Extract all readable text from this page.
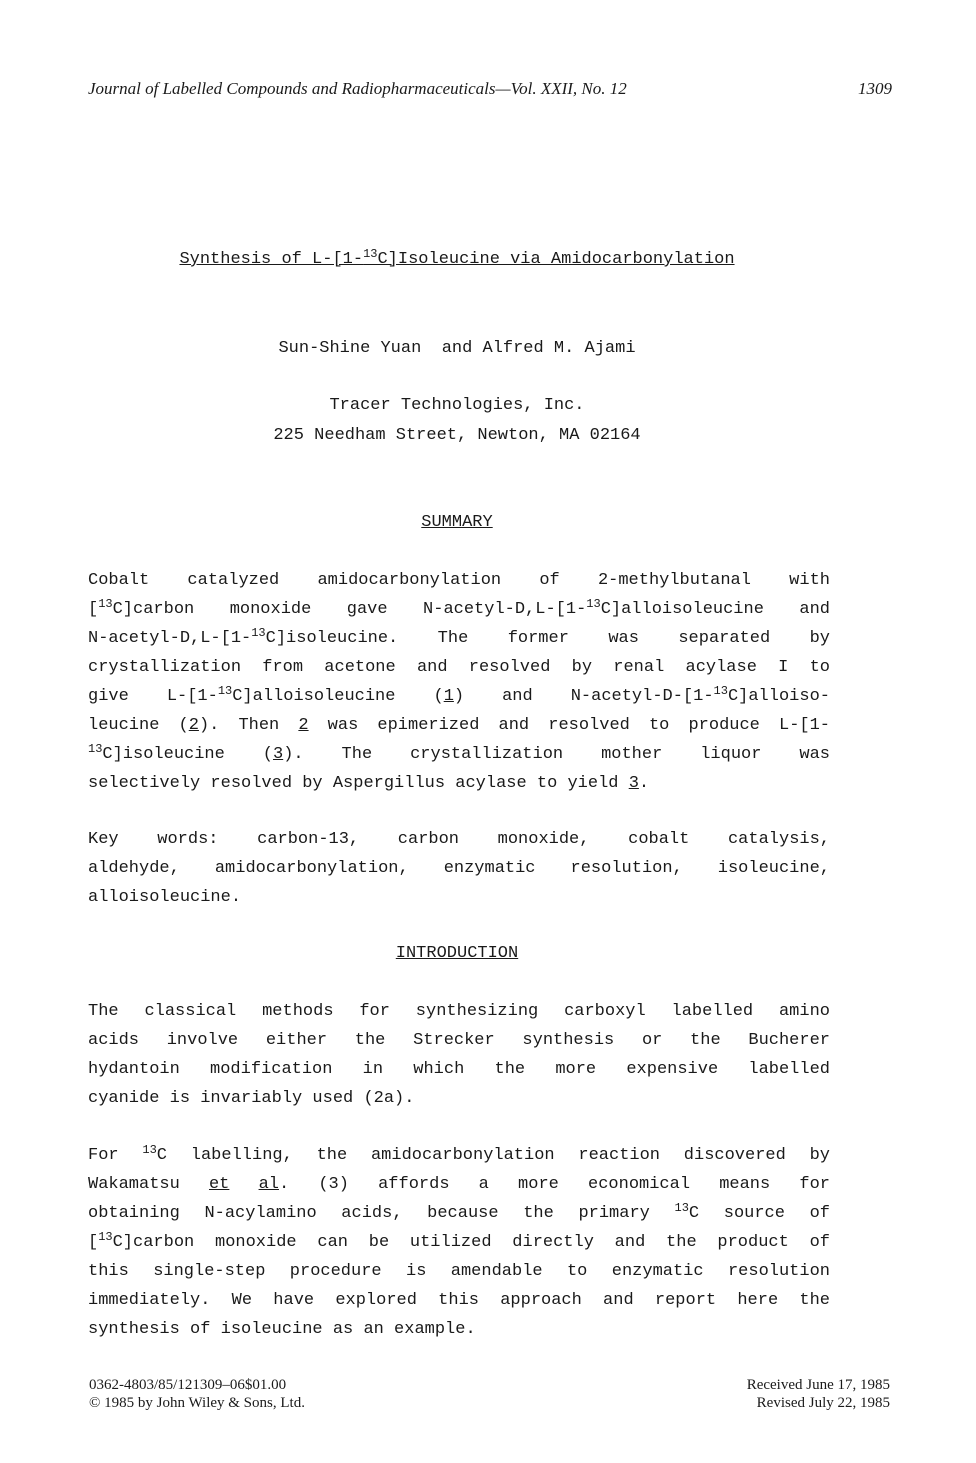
Journal of Labelled Compounds and Radiopharmaceuticals—Vol. XXII, No. 12	1309
Synthesis of L-[1-$^{13}$C]Isoleucine via Amidocarbonylation
Sun-Shine Yuan  and Alfred M. Ajami
Tracer Technologies, Inc.
225 Needham Street, Newton, MA 02164
SUMMARY
Cobalt catalyzed amidocarbonylation of 2-methylbutanal with
[$^{13}$C]carbon monoxide gave N-acetyl-D,L-[1-$^{13}$C]alloisoleucine and
N-acetyl-D,L-[1-$^{13}$C]isoleucine. The former was separated by
crystallization from acetone and resolved by renal acylase I to
give L-[1-$^{13}$C]alloisoleucine (1) and N-acetyl-D-[1-$^{13}$C]alloiso-
leucine (2). Then 2 was epimerized and resolved to produce L-[1-
$^{13}$C]isoleucine (3). The crystallization mother liquor was
selectively resolved by Aspergillus acylase to yield 3.
Key words: carbon-13, carbon monoxide, cobalt catalysis,
aldehyde, amidocarbonylation, enzymatic resolution, isoleucine,
alloisoleucine.
INTRODUCTION
The classical methods for synthesizing carboxyl labelled amino
acids involve either the Strecker synthesis or the Bucherer
hydantoin modification in which the more expensive labelled
cyanide is invariably used (2a).
For $^{13}$C labelling, the amidocarbonylation reaction discovered by
Wakamatsu et al. (3) affords a more economical means for
obtaining N-acylamino acids, because the primary $^{13}$C source of
[$^{13}$C]carbon monoxide can be utilized directly and the product of
this single-step procedure is amendable to enzymatic resolution
immediately. We have explored this approach and report here the
synthesis of isoleucine as an example.
0362-4803/85/121309–06$01.00
© 1985 by John Wiley & Sons, Ltd.
Received June 17, 1985
Revised July 22, 1985
